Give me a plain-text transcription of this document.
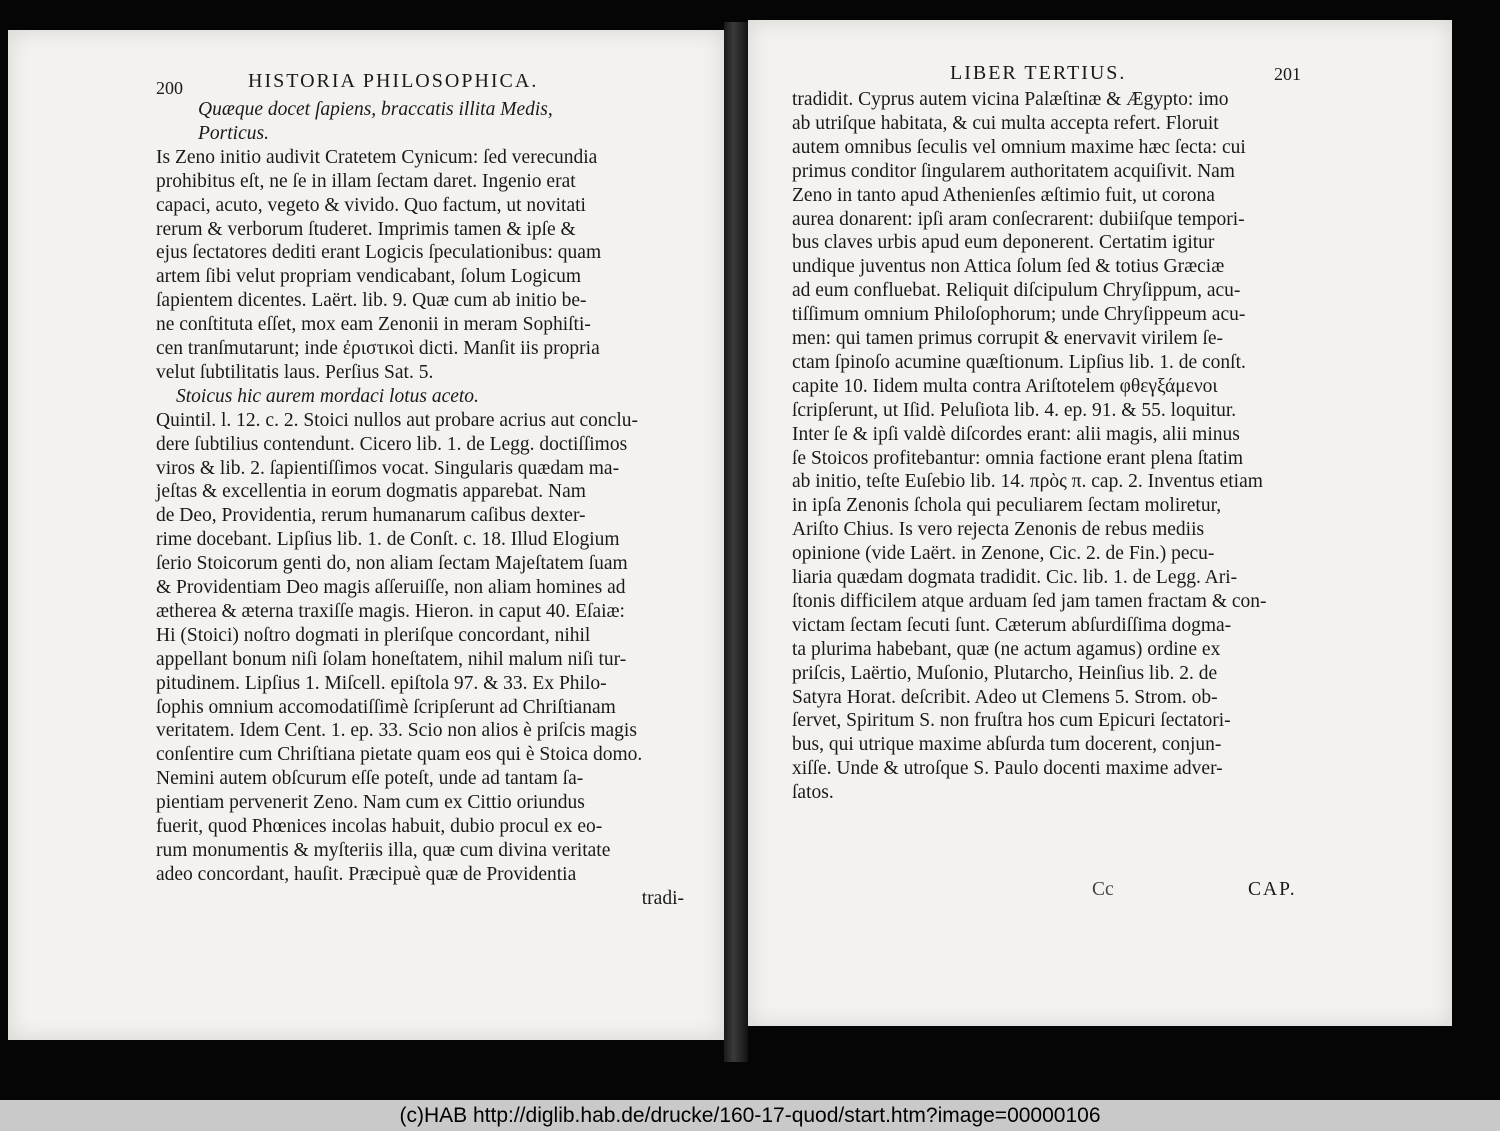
200	HISTORIA PHILOSOPHICA.
Quæque docet ſapiens, braccatis illita Medis,
Porticus.
Is Zeno initio audivit Cratetem Cynicum: ſed verecundia
prohibitus eſt, ne ſe in illam ſectam daret. Ingenio erat
capaci, acuto, vegeto & vivido. Quo factum, ut novitati
rerum & verborum ſtuderet. Imprimis tamen & ipſe &
ejus ſectatores dediti erant Logicis ſpeculationibus: quam
artem ſibi velut propriam vendicabant, ſolum Logicum
ſapientem dicentes. Laërt. lib. 9. Quæ cum ab initio be-
ne conſtituta eſſet, mox eam Zenonii in meram Sophiſti-
cen tranſmutarunt; inde ἐριστικοὶ dicti. Manſit iis propria
velut ſubtilitatis laus. Perſius Sat. 5.
Stoicus hic aurem mordaci lotus aceto.
Quintil. l. 12. c. 2. Stoici nullos aut probare acrius aut conclu-
dere ſubtilius contendunt. Cicero lib. 1. de Legg. doctiſſimos
viros & lib. 2. ſapientiſſimos vocat. Singularis quædam ma-
jeſtas & excellentia in eorum dogmatis apparebat. Nam
de Deo, Providentia, rerum humanarum caſibus dexter-
rime docebant. Lipſius lib. 1. de Conſt. c. 18. Illud Elogium
ſerio Stoicorum genti do, non aliam ſectam Majeſtatem ſuam
& Providentiam Deo magis aſſeruiſſe, non aliam homines ad
ætherea & æterna traxiſſe magis. Hieron. in caput 40. Eſaiæ:
Hi (Stoici) noſtro dogmati in pleriſque concordant, nihil
appellant bonum niſi ſolam honeſtatem, nihil malum niſi tur-
pitudinem. Lipſius 1. Miſcell. epiſtola 97. & 33. Ex Philo-
ſophis omnium accomodatiſſimè ſcripſerunt ad Chriſtianam
veritatem. Idem Cent. 1. ep. 33. Scio non alios è priſcis magis
conſentire cum Chriſtiana pietate quam eos qui è Stoica domo.
Nemini autem obſcurum eſſe poteſt, unde ad tantam ſa-
pientiam pervenerit Zeno. Nam cum ex Cittio oriundus
fuerit, quod Phœnices incolas habuit, dubio procul ex eo-
rum monumentis & myſteriis illa, quæ cum divina veritate
adeo concordant, hauſit. Præcipuè quæ de Providentia
tradi-
LIBER TERTIUS.	201
tradidit. Cyprus autem vicina Palæſtinæ & Ægypto: imo
ab utriſque habitata, & cui multa accepta refert. Floruit
autem omnibus ſeculis vel omnium maxime hæc ſecta: cui
primus conditor ſingularem authoritatem acquiſivit. Nam
Zeno in tanto apud Athenienſes æſtimio fuit, ut corona
aurea donarent: ipſi aram conſecrarent: dubiiſque tempori-
bus claves urbis apud eum deponerent. Certatim igitur
undique juventus non Attica ſolum ſed & totius Græciæ
ad eum confluebat. Reliquit diſcipulum Chryſippum, acu-
tiſſimum omnium Philoſophorum; unde Chryſippeum acu-
men: qui tamen primus corrupit & enervavit virilem ſe-
ctam ſpinoſo acumine quæſtionum. Lipſius lib. 1. de conſt.
capite 10. Iidem multa contra Ariſtotelem φθεγξάμενοι
ſcripſerunt, ut Iſid. Peluſiota lib. 4. ep. 91. & 55. loquitur.
Inter ſe & ipſi valdè diſcordes erant: alii magis, alii minus
ſe Stoicos profitebantur: omnia factione erant plena ſtatim
ab initio, teſte Euſebio lib. 14. πρὸς π. cap. 2. Inventus etiam
in ipſa Zenonis ſchola qui peculiarem ſectam moliretur,
Ariſto Chius. Is vero rejecta Zenonis de rebus mediis
opinione (vide Laërt. in Zenone, Cic. 2. de Fin.) pecu-
liaria quædam dogmata tradidit. Cic. lib. 1. de Legg. Ari-
ſtonis difficilem atque arduam ſed jam tamen fractam & con-
victam ſectam ſecuti ſunt. Cæterum abſurdiſſima dogma-
ta plurima habebant, quæ (ne actum agamus) ordine ex
priſcis, Laërtio, Muſonio, Plutarcho, Heinſius lib. 2. de
Satyra Horat. deſcribit. Adeo ut Clemens 5. Strom. ob-
ſervet, Spiritum S. non fruſtra hos cum Epicuri ſectatori-
bus, qui utrique maxime abſurda tum docerent, conjun-
xiſſe. Unde & utroſque S. Paulo docenti maxime adver-
ſatos.
Cc	CAP.
(c)HAB http://diglib.hab.de/drucke/160-17-quod/start.htm?image=00000106
